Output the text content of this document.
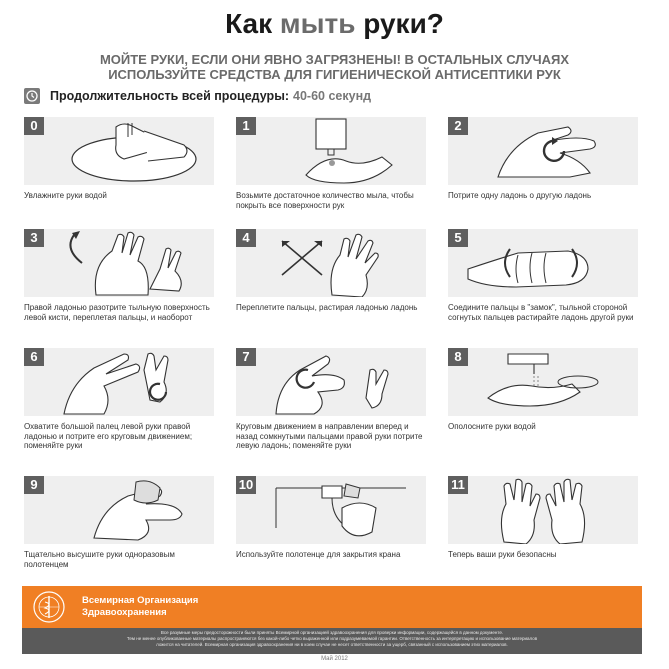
Как мыть руки?
МОЙТЕ РУКИ, ЕСЛИ ОНИ ЯВНО ЗАГРЯЗНЕНЫ! В ОСТАЛЬНЫХ СЛУЧАЯХ
ИСПОЛЬЗУЙТЕ СРЕДСТВА ДЛЯ ГИГИЕНИЧЕСКОЙ АНТИСЕПТИКИ РУК
Продолжительность всей процедуры: 40-60 секунд
0
Увлажните руки водой
1
Возьмите достаточное количество мыла, чтобы покрыть все поверхности рук
2
Потрите одну ладонь о другую ладонь
3
Правой ладонью разотрите тыльную поверхность левой кисти, переплетая пальцы, и наоборот
4
Переплетите пальцы, растирая ладонью ладонь
5
Соедините пальцы в "замок", тыльной стороной согнутых пальцев растирайте ладонь другой руки
6
Охватите большой палец левой руки правой ладонью и потрите его круговым движением; поменяйте руки
7
Круговым движением в направлении вперед и назад сомкнутыми пальцами правой руки потрите левую ладонь; поменяйте руки
8
Ополосните руки водой
9
Тщательно высушите руки одноразовым полотенцем
10
Используйте полотенце для закрытия крана
11
Теперь ваши руки безопасны
Всемирная Организация
Здравоохранения
Все разумные меры предосторожности были приняты Всемирной организацией здравоохранения для проверки информации, содержащейся в данном документе.
Тем не менее опубликованные материалы распространяются без какой-либо четко выраженной или подразумеваемой гарантии. Ответственность за интерпретацию и использование материалов
ложится на читателей. Всемирная организация здравоохранения ни в коем случае не несет ответственности за ущерб, связанный с использованием этих материалов.
Май 2012
